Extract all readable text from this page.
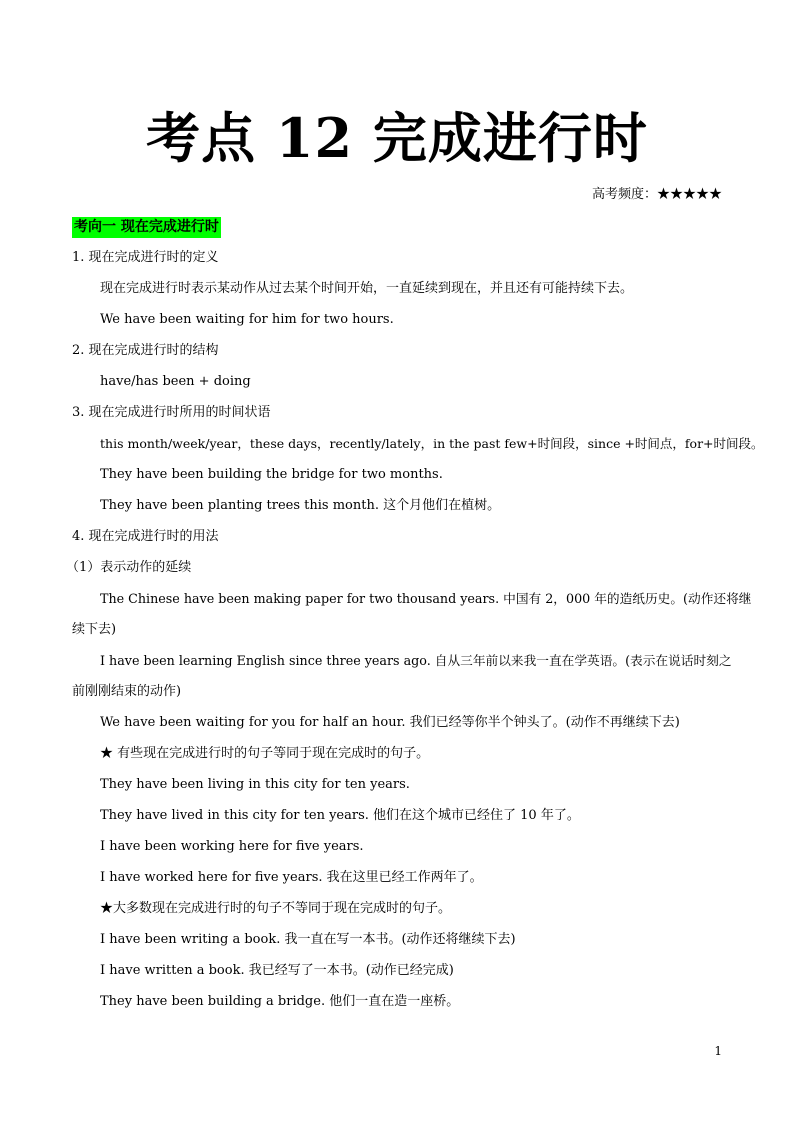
考点 12 完成进行时
高考频度：★★★★★
考向一 现在完成进行时
1. 现在完成进行时的定义
现在完成进行时表示某动作从过去某个时间开始，一直延续到现在，并且还有可能持续下去。
We have been waiting for him for two hours.
2. 现在完成进行时的结构
have/has been + doing
3. 现在完成进行时所用的时间状语
this month/week/year，these days，recently/lately，in the past few+时间段，since +时间点，for+时间段。
They have been building the bridge for two months.
They have been planting trees this month. 这个月他们在植树。
4. 现在完成进行时的用法
（1）表示动作的延续
The Chinese have been making paper for two thousand years. 中国有 2，000 年的造纸历史。(动作还将继
续下去)
I have been learning English since three years ago. 自从三年前以来我一直在学英语。(表示在说话时刻之
前刚刚结束的动作)
We have been waiting for you for half an hour. 我们已经等你半个钟头了。(动作不再继续下去)
★ 有些现在完成进行时的句子等同于现在完成时的句子。
They have been living in this city for ten years.
They have lived in this city for ten years. 他们在这个城市已经住了 10 年了。
I have been working here for five years.
I have worked here for five years. 我在这里已经工作两年了。
★大多数现在完成进行时的句子不等同于现在完成时的句子。
I have been writing a book. 我一直在写一本书。(动作还将继续下去)
I have written a book. 我已经写了一本书。(动作已经完成)
They have been building a bridge. 他们一直在造一座桥。
1
